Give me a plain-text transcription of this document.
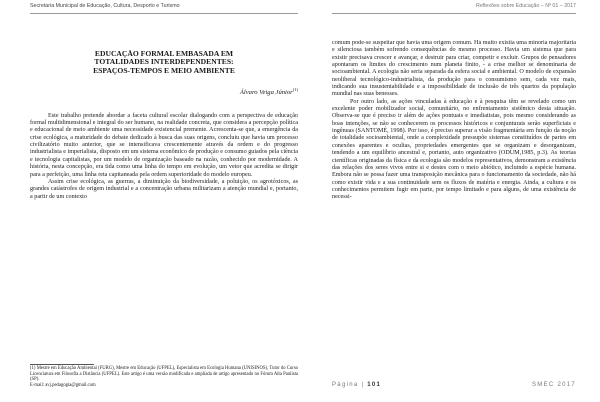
Secretaria Municipal de Educação, Cultura, Desporto e Turismo	Reflexões sobre Educação – Nº 01 – 2017
EDUCAÇÃO FORMAL EMBASADA EM
TOTALIDADES INTERDEPENDENTES:
ESPAÇOS-TEMPOS E MEIO AMBIENTE
Álvaro Veiga Júnior$^{(1)}$

Este trabalho pretende abordar a faceta cultural escolar dialogando com a perspectiva de educação formal multidimensional e integral do ser humano, na realidade concreta, que considera a percepção política e educacional de meio ambiente uma necessidade existencial premente. Acrescenta-se que, a emergência da crise ecológica, a maturidade do debate dedicado à busca das suas origens, concluiu que havia um processo civilizatório muito anterior, que se intensificava crescentemente através da ordem e do progresso industrialista e imperialista, disposto em um sistema econômico de produção e consumo guiados pela ciência e tecnologia capitalistas, por um modelo de organização baseado na razão, conhecido por modernidade. A história, nesta concepção, era tida como uma linha do tempo em evolução, um vetor que acredita se dirigir para a perfeição, uma linha reta capitaneada pela ordem superioridade do modelo europeu.

Assim crise ecológica, as guerras, a diminuição da biodiversidade, a poluição, os agrotóxicos, as grandes catástrofes de origem industrial e a concentração urbana militarizam a atenção mundial e, portanto, a partir de um contexto

(1) Mestre em Educação Ambiental (FURG), Mestre em Educação (UFPEL), Especialista em Ecologia Humana (UNISINOS), Tutor do Curso Licenciatura em Filosofia a Distância (UFPEL). Este artigo é uma versão modificada e ampliada de artigo apresentado no Fórum Alta Paulista (SP).
E-mail: avj.pedagogia@gmail.com

comum pode-se suspeitar que havia uma origem comum. Há muito existia uma minoria majoritária e silenciosa também sofrendo consequências do mesmo processo. Havia um sistema que para existir precisava crescer e avançar, e destruir para criar, competir e excluir. Grupos de pensadores apontaram os limites do crescimento num planeta finito, - a crise melhor se denominaria de socioambiental. A ecologia não seria separada da esfera social e ambiental. O modelo de expansão neoliberal tecnológico-industrialista, da produção para o consumismo sem, cada vez mais, indicando sua insustentabilidade e a impossibilidade de inclusão de três quartos da população mundial nas suas benesses.

Por outro lado, as ações vinculadas à educação e à pesquisa têm se revelado como um excelente poder mobilizador social, comunitário, no enfrentamento sistêmico desta situação. Observa-se que é preciso ir além de ações pontuais e imediatistas, pois mesmo considerando as boas intenções, se não se conhecerem os processos históricos e conjunturais serão superficiais e ingênuas (SANTOMÉ, 1998). Por isso, é preciso superar a visão fragmentária em função da noção de totalidade socioambiental, onde a complexidade pressupõe sistemas constituídos de partes em conexões aparentes e ocultas, propriedades emergentes que se organizam e desorganizam, tendendo a um equilíbrio ancestral e, portanto, auto organizativo (ODUM,1985, p.3). As teorias científicas originadas da física e da ecologia são modelos representativos, demonstram a existência das relações dos seres vivos entre si e destes com o meio abiótico, incluindo a espécie humana. Embora não se possa fazer uma transposição mecânica para o funcionamento da sociedade, não há como existir vida e a sua continuidade sem os fluxos de matéria e energia. Ainda, a cultura e os conhecimentos permitem fugir em parte, por tempo limitado e para alguns, de uma existência de necessi-

Página | 101	SMEC 2017
